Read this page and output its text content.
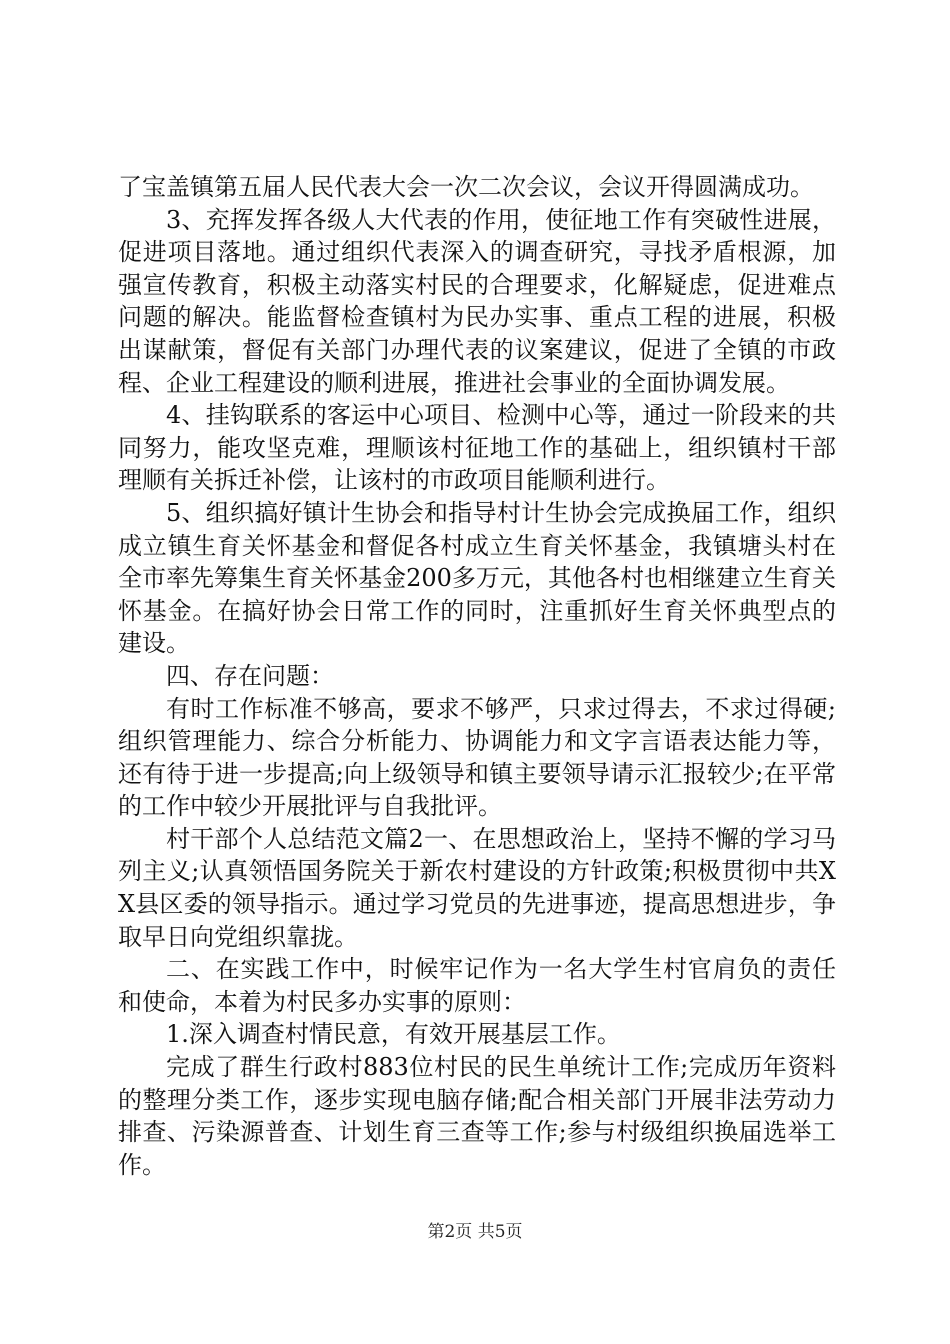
了宝盖镇第五届人民代表大会一次二次会议，会议开得圆满成功。

3、充挥发挥各级人大代表的作用，使征地工作有突破性进展，促进项目落地。通过组织代表深入的调查研究，寻找矛盾根源，加强宣传教育，积极主动落实村民的合理要求，化解疑虑，促进难点问题的解决。能监督检查镇村为民办实事、重点工程的进展，积极出谋献策，督促有关部门办理代表的议案建议，促进了全镇的市政程、企业工程建设的顺利进展，推进社会事业的全面协调发展。

4、挂钩联系的客运中心项目、检测中心等，通过一阶段来的共同努力，能攻坚克难，理顺该村征地工作的基础上，组织镇村干部理顺有关拆迁补偿，让该村的市政项目能顺利进行。

5、组织搞好镇计生协会和指导村计生协会完成换届工作，组织成立镇生育关怀基金和督促各村成立生育关怀基金，我镇塘头村在全市率先筹集生育关怀基金200多万元，其他各村也相继建立生育关怀基金。在搞好协会日常工作的同时，注重抓好生育关怀典型点的建设。

四、存在问题：

有时工作标准不够高，要求不够严，只求过得去，不求过得硬;组织管理能力、综合分析能力、协调能力和文字言语表达能力等，还有待于进一步提高;向上级领导和镇主要领导请示汇报较少;在平常的工作中较少开展批评与自我批评。

村干部个人总结范文篇2一、在思想政治上，坚持不懈的学习马列主义;认真领悟国务院关于新农村建设的方针政策;积极贯彻中共XX县区委的领导指示。通过学习党员的先进事迹，提高思想进步，争取早日向党组织靠拢。

二、在实践工作中，时候牢记作为一名大学生村官肩负的责任和使命，本着为村民多办实事的原则：

1.深入调查村情民意，有效开展基层工作。

完成了群生行政村883位村民的民生单统计工作;完成历年资料的整理分类工作，逐步实现电脑存储;配合相关部门开展非法劳动力排查、污染源普查、计划生育三查等工作;参与村级组织换届选举工作。

第2页 共5页
